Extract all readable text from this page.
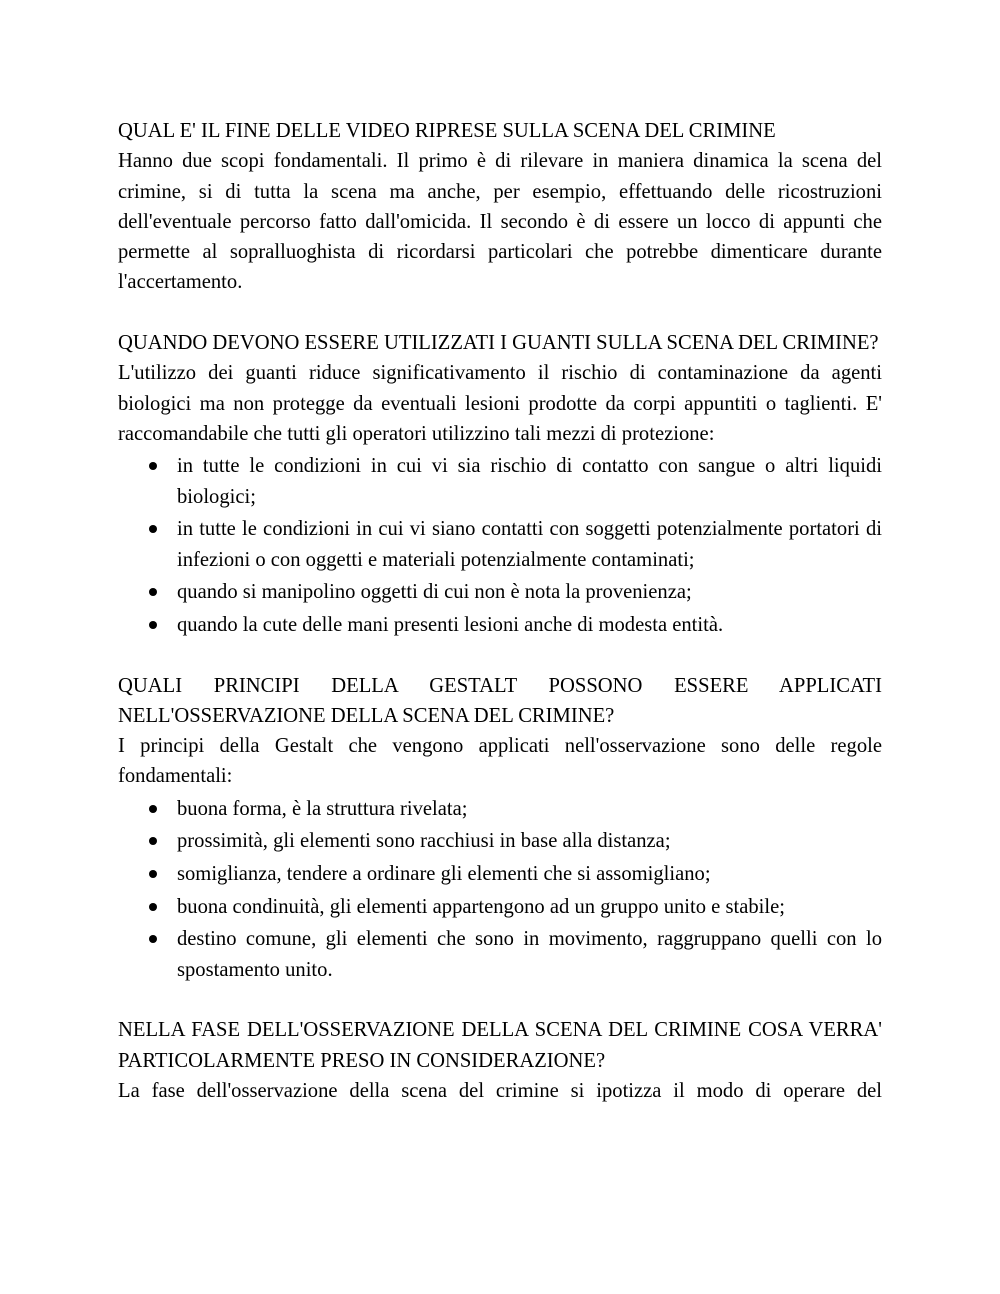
QUAL E' IL FINE DELLE VIDEO RIPRESE SULLA SCENA DEL CRIMINE

Hanno due scopi fondamentali. Il primo è di rilevare in maniera dinamica la scena del crimine, si di tutta la scena ma anche, per esempio, effettuando delle ricostruzioni dell'eventuale percorso fatto dall'omicida. Il secondo è di essere un locco di appunti che permette al sopralluoghista di ricordarsi particolari che potrebbe dimenticare durante l'accertamento.

QUANDO DEVONO ESSERE UTILIZZATI I GUANTI SULLA SCENA DEL CRIMINE?

L'utilizzo dei guanti riduce significativamento il rischio di contaminazione da agenti biologici ma non protegge da eventuali lesioni prodotte da corpi appuntiti o taglienti. E' raccomandabile che tutti gli operatori utilizzino tali mezzi di protezione:

in tutte le condizioni in cui vi sia rischio di contatto con sangue o altri liquidi biologici;
in tutte le condizioni in cui vi siano contatti con soggetti potenzialmente portatori di infezioni o con oggetti e materiali potenzialmente contaminati;
quando si manipolino oggetti di cui non è nota la provenienza;
quando la cute delle mani presenti lesioni anche di modesta entità.

QUALI PRINCIPI DELLA GESTALT POSSONO ESSERE APPLICATI NELL'OSSERVAZIONE DELLA SCENA DEL CRIMINE?

I principi della Gestalt che vengono applicati nell'osservazione sono delle regole fondamentali:

buona forma, è la struttura rivelata;
prossimità, gli elementi sono racchiusi in base alla distanza;
somiglianza, tendere a ordinare gli elementi che si assomigliano;
buona condinuità, gli elementi appartengono ad un gruppo unito e stabile;
destino comune, gli elementi che sono in movimento, raggruppano quelli con lo spostamento unito.

NELLA FASE DELL'OSSERVAZIONE DELLA SCENA DEL CRIMINE COSA VERRA' PARTICOLARMENTE PRESO IN CONSIDERAZIONE?

La fase dell'osservazione della scena del crimine si ipotizza il modo di operare del
